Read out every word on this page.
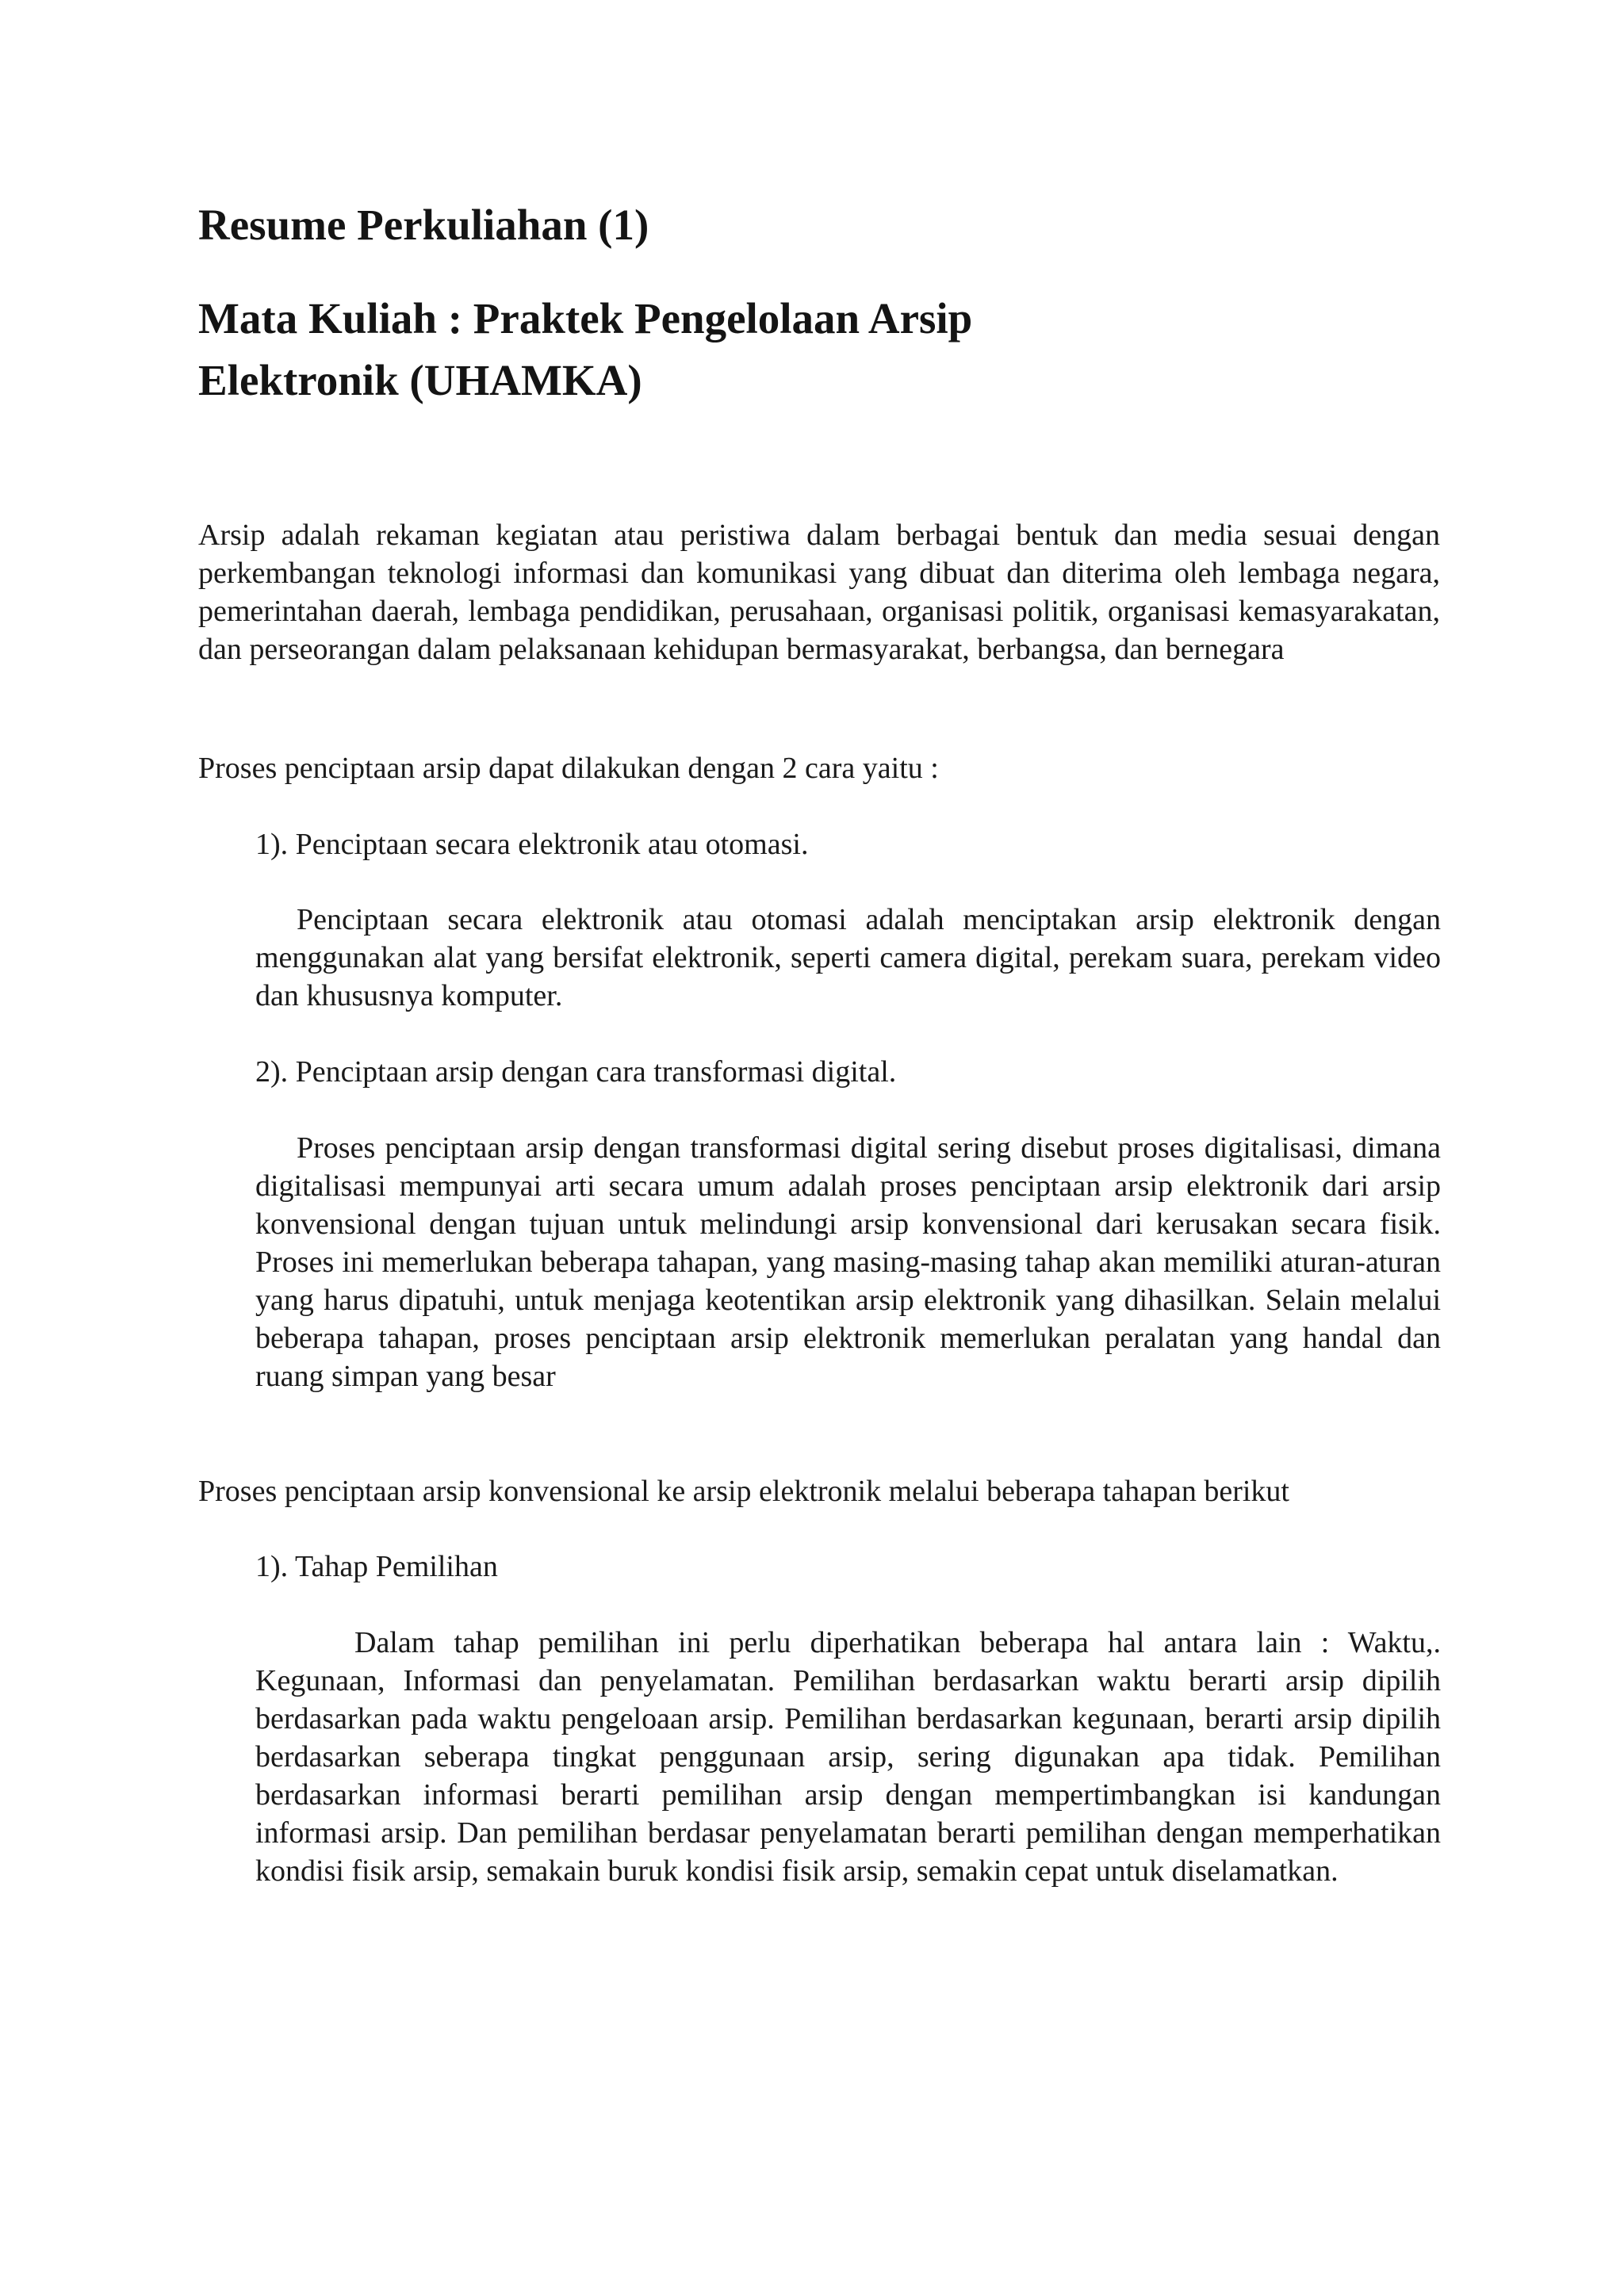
Resume Perkuliahan (1)
Mata Kuliah : Praktek Pengelolaan Arsip
Elektronik (UHAMKA)

Arsip adalah rekaman kegiatan atau peristiwa dalam berbagai bentuk dan media sesuai dengan perkembangan teknologi informasi dan komunikasi yang dibuat dan diterima oleh lembaga negara, pemerintahan daerah, lembaga pendidikan, perusahaan, organisasi politik, organisasi kemasyarakatan, dan perseorangan dalam pelaksanaan kehidupan bermasyarakat, berbangsa, dan bernegara

Proses penciptaan arsip dapat dilakukan dengan 2 cara yaitu :

1). Penciptaan secara elektronik atau otomasi.

Penciptaan secara elektronik atau otomasi adalah menciptakan arsip elektronik dengan menggunakan alat yang bersifat elektronik, seperti camera digital, perekam suara, perekam video dan khususnya komputer.

2). Penciptaan arsip dengan cara transformasi digital.

Proses penciptaan arsip dengan transformasi digital sering disebut proses digitalisasi, dimana digitalisasi mempunyai arti secara umum adalah proses penciptaan arsip elektronik dari arsip konvensional dengan tujuan untuk melindungi arsip konvensional dari kerusakan secara fisik. Proses ini memerlukan beberapa tahapan, yang masing-masing tahap akan memiliki aturan-aturan yang harus dipatuhi, untuk menjaga keotentikan arsip elektronik yang dihasilkan. Selain melalui beberapa tahapan, proses penciptaan arsip elektronik memerlukan peralatan yang handal dan ruang simpan yang besar

Proses penciptaan arsip konvensional ke arsip elektronik melalui beberapa tahapan berikut

1). Tahap Pemilihan

Dalam tahap pemilihan ini perlu diperhatikan beberapa hal antara lain : Waktu,. Kegunaan, Informasi dan penyelamatan. Pemilihan berdasarkan waktu berarti arsip dipilih berdasarkan pada waktu pengeloaan arsip. Pemilihan berdasarkan kegunaan, berarti arsip dipilih berdasarkan seberapa tingkat penggunaan arsip, sering digunakan apa tidak. Pemilihan berdasarkan informasi berarti pemilihan arsip dengan mempertimbangkan isi kandungan informasi arsip. Dan pemilihan berdasar penyelamatan berarti pemilihan dengan memperhatikan kondisi fisik arsip, semakain buruk kondisi fisik arsip, semakin cepat untuk diselamatkan.
